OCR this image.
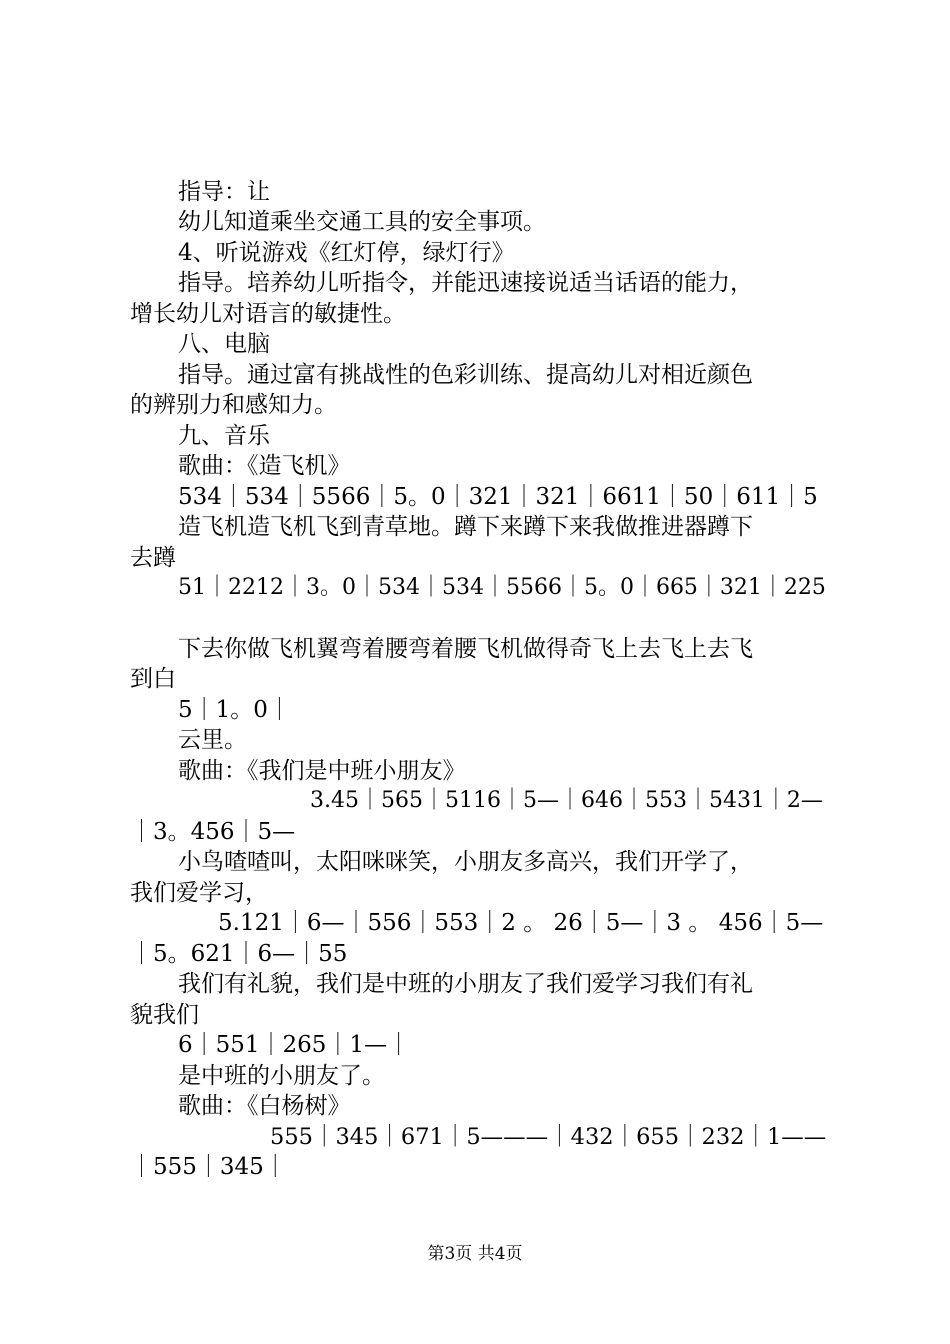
指导：让
幼儿知道乘坐交通工具的安全事项。
4、听说游戏《红灯停，绿灯行》
指导。培养幼儿听指令，并能迅速接说适当话语的能力，
增长幼儿对语言的敏捷性。
八、电脑
指导。通过富有挑战性的色彩训练、提高幼儿对相近颜色
的辨别力和感知力。
九、音乐
歌曲：《造飞机》
534｜534｜5566｜5。0｜321｜321｜6611｜50｜611｜5
造飞机造飞机飞到青草地。蹲下来蹲下来我做推进器蹲下
去蹲
51｜2212｜3。0｜534｜534｜5566｜5。0｜665｜321｜225
下去你做飞机翼弯着腰弯着腰飞机做得奇飞上去飞上去飞
到白
5｜1。0｜
云里。
歌曲：《我们是中班小朋友》
3.45｜565｜5116｜5—｜646｜553｜5431｜2—
｜3。456｜5—
小鸟喳喳叫，太阳咪咪笑，小朋友多高兴，我们开学了，
我们爱学习，
5.121｜6—｜556｜553｜2 。 26｜5—｜3 。 456｜5—
｜5。621｜6—｜55
我们有礼貌，我们是中班的小朋友了我们爱学习我们有礼
貌我们
6｜551｜265｜1—｜
是中班的小朋友了。
歌曲：《白杨树》
555｜345｜671｜5———｜432｜655｜232｜1——
｜555｜345｜
第3页 共4页
